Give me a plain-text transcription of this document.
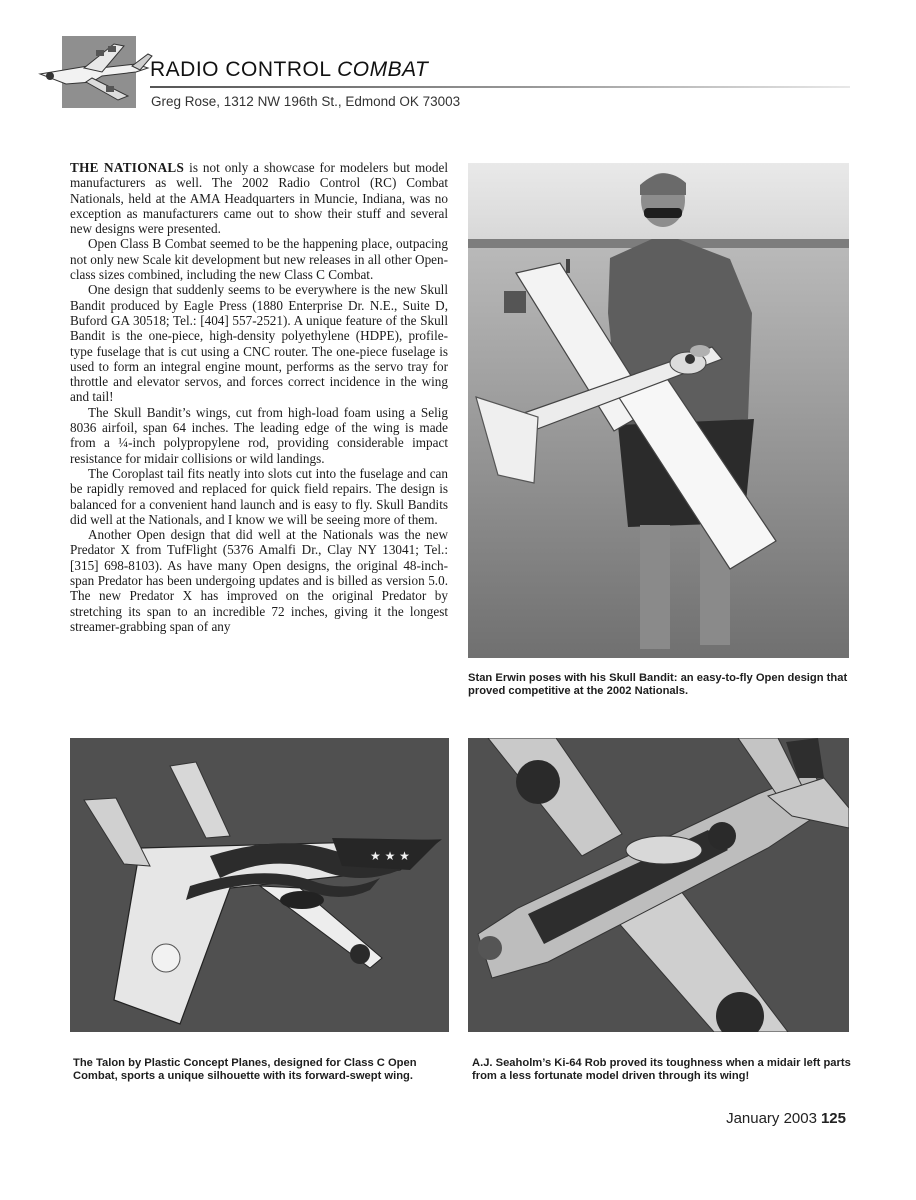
RADIO CONTROL COMBAT
Greg Rose, 1312 NW 196th St., Edmond OK 73003

THE NATIONALS is not only a showcase for modelers but model manufacturers as well. The 2002 Radio Control (RC) Combat Nationals, held at the AMA Headquarters in Muncie, Indiana, was no exception as manufacturers came out to show their stuff and several new designs were presented.

Open Class B Combat seemed to be the happening place, outpacing not only new Scale kit development but new releases in all other Open-class sizes combined, including the new Class C Combat.

One design that suddenly seems to be everywhere is the new Skull Bandit produced by Eagle Press (1880 Enterprise Dr. N.E., Suite D, Buford GA 30518; Tel.: [404] 557-2521). A unique feature of the Skull Bandit is the one-piece, high-density polyethylene (HDPE), profile-type fuselage that is cut using a CNC router. The one-piece fuselage is used to form an integral engine mount, performs as the servo tray for throttle and elevator servos, and forces correct incidence in the wing and tail!

The Skull Bandit’s wings, cut from high-load foam using a Selig 8036 airfoil, span 64 inches. The leading edge of the wing is made from a ¼-inch polypropylene rod, providing considerable impact resistance for midair collisions or wild landings.

The Coroplast tail fits neatly into slots cut into the fuselage and can be rapidly removed and replaced for quick field repairs. The design is balanced for a convenient hand launch and is easy to fly. Skull Bandits did well at the Nationals, and I know we will be seeing more of them.

Another Open design that did well at the Nationals was the new Predator X from TufFlight (5376 Amalfi Dr., Clay NY 13041; Tel.: [315] 698-8103). As have many Open designs, the original 48-inch-span Predator has been undergoing updates and is billed as version 5.0. The new Predator X has improved on the original Predator by stretching its span to an incredible 72 inches, giving it the longest streamer-grabbing span of any

Stan Erwin poses with his Skull Bandit: an easy-to-fly Open design that proved competitive at the 2002 Nationals.
★ ★ ★
The Talon by Plastic Concept Planes, designed for Class C Open Combat, sports a unique silhouette with its forward-swept wing.
A.J. Seaholm’s Ki-64 Rob proved its toughness when a midair left parts from a less fortunate model driven through its wing!
January 2003 125
